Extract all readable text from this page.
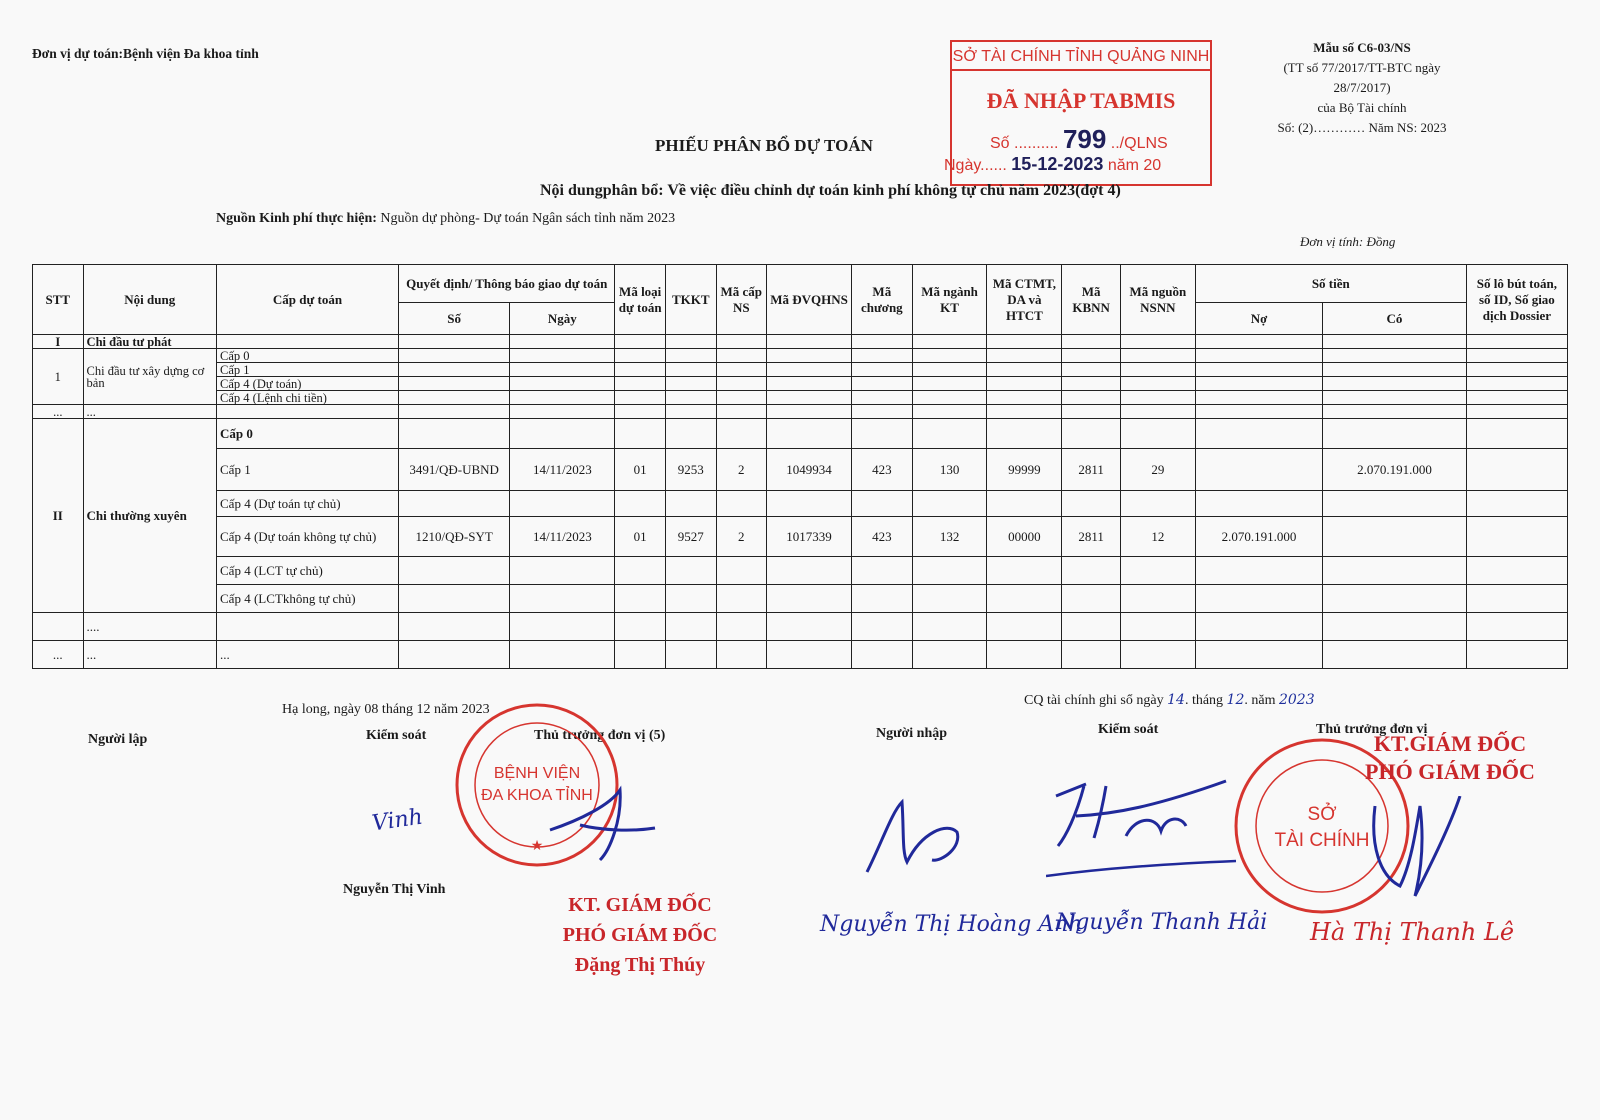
Đơn vị dự toán:Bệnh viện Đa khoa tỉnh	Mẫu số C6-03/NS
(TT số 77/2017/TT-BTC ngày 28/7/2017)
của Bộ Tài chính
Số: (2)………… Năm NS: 2023
SỞ TÀI CHÍNH TỈNH QUẢNG NINH
ĐÃ NHẬP TABMIS
Số .......... 799 ../QLNS
Ngày...... 15-12-2023 năm 20
PHIẾU PHÂN BỔ DỰ TOÁN
Nội dungphân bổ: Về việc điều chỉnh dự toán kinh phí không tự chủ năm 2023(đợt 4)
Nguồn Kinh phí thực hiện: Nguồn dự phòng- Dự toán Ngân sách tỉnh năm 2023
Đơn vị tính: Đồng
STT	Nội dung	Cấp dự toán	Quyết định/ Thông báo giao dự toán		Mã loại dự toán	TKKT	Mã cấp NS	Mã ĐVQHNS	Mã chương	Mã ngành KT	Mã CTMT, DA và HTCT	Mã KBNN	Mã nguồn NSNN	Số tiền		Số lô bút toán, số ID, Số giao dịch Dossier
			Số	Ngày										Nợ	Có	
I	Chi đầu tư phát															
1	Chi đầu tư xây dựng cơ bản	Cấp 0														
		Cấp 1														
		Cấp 4 (Dự toán)														
		Cấp 4 (Lệnh chi tiền)														
...	...															
II	Chi thường xuyên	Cấp 0														
		Cấp 1	3491/QĐ-UBND	14/11/2023	01	9253	2	1049934	423	130	99999	2811	29		2.070.191.000	
		Cấp 4 (Dự toán tự chủ)														
		Cấp 4 (Dự toán không tự chủ)	1210/QĐ-SYT	14/11/2023	01	9527	2	1017339	423	132	00000	2811	12	2.070.191.000		
		Cấp 4 (LCT tự chủ)														
		Cấp 4 (LCTkhông tự chủ)														
	....															
...	...	...														
Hạ long, ngày 08 tháng 12 năm 2023
Người lập	Kiểm soát	Thủ trưởng đơn vị (5)
BỆNH VIỆN
ĐA KHOA TỈNH
★
Vinh
Nguyễn Thị Vinh
KT. GIÁM ĐỐC
PHÓ GIÁM ĐỐC
Đặng Thị Thúy
CQ tài chính ghi sổ ngày 14. tháng 12. năm 2023
Người nhập	Kiểm soát	Thủ trưởng đơn vị
SỞ
TÀI CHÍNH
KT.GIÁM ĐỐC
PHÓ GIÁM ĐỐC
Nguyễn Thị Hoàng Anh
Nguyễn Thanh Hải Hà Thị Thanh Lê
